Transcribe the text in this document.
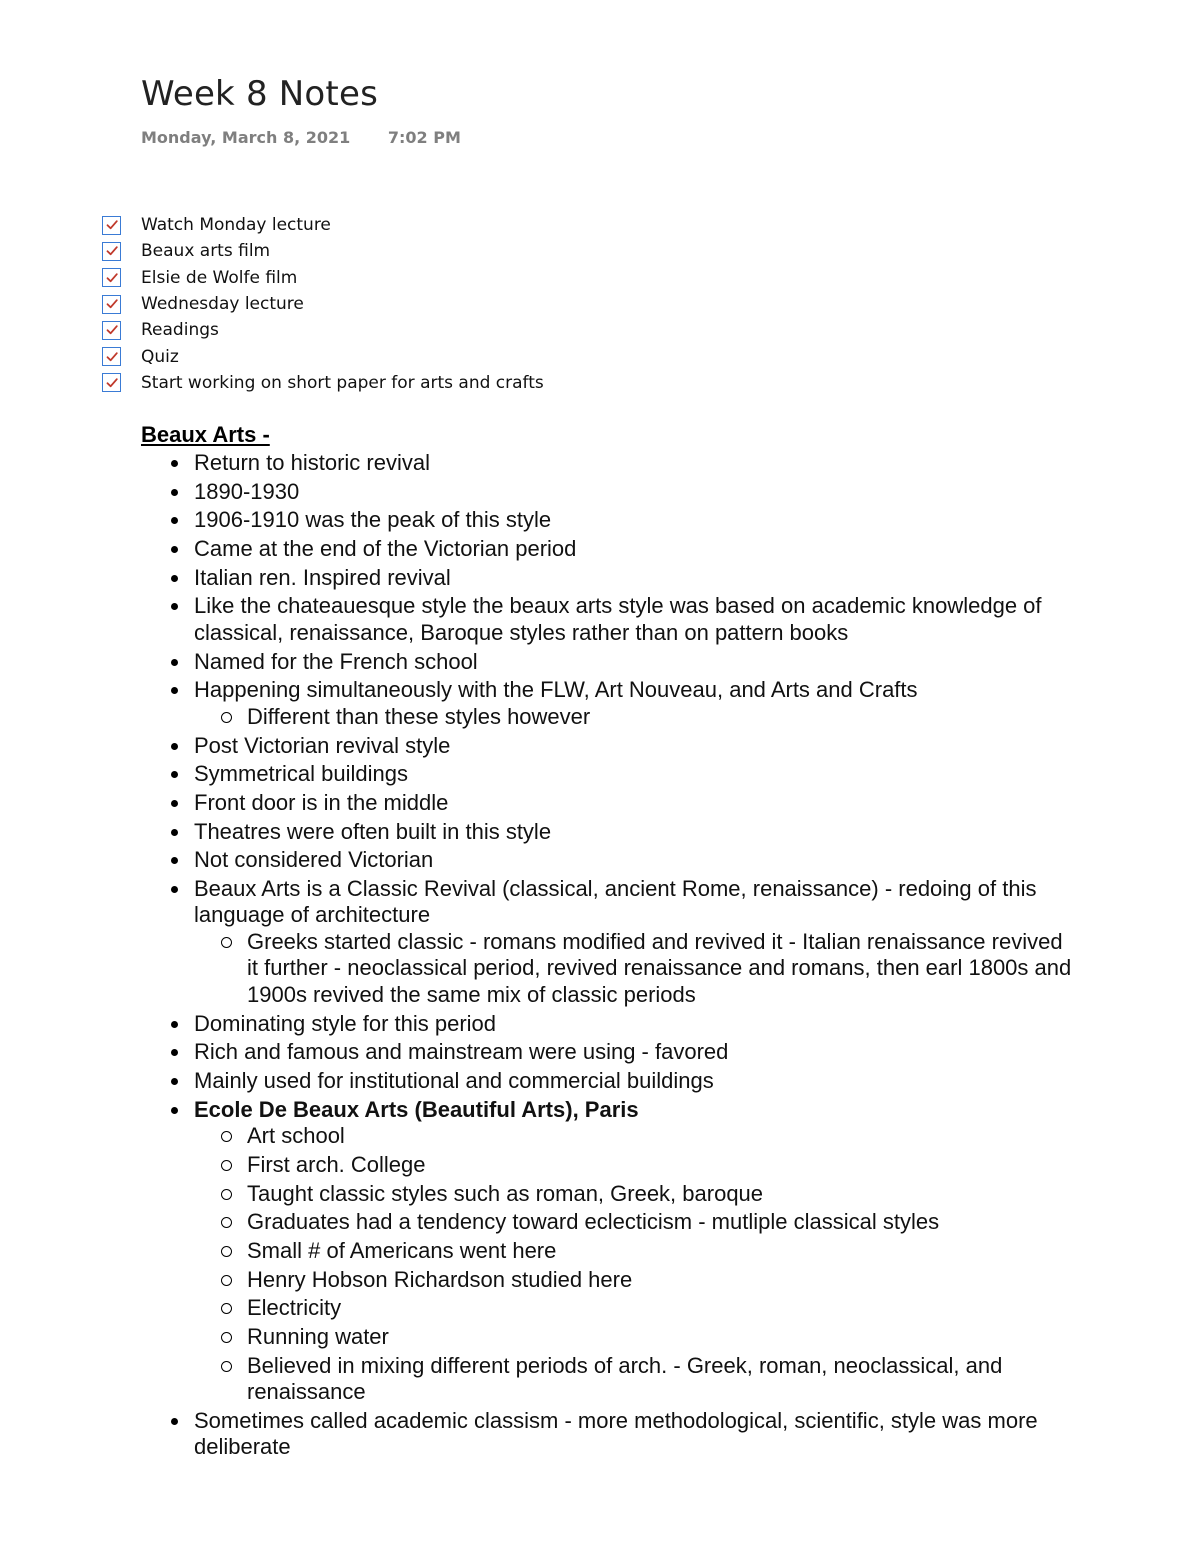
Week 8 Notes
Monday, March 8, 2021 7:02 PM
Watch Monday lecture
Beaux arts film
Elsie de Wolfe film
Wednesday lecture
Readings
Quiz
Start working on short paper for arts and crafts
Beaux Arts -
Return to historic revival
1890-1930
1906-1910 was the peak of this style
Came at the end of the Victorian period
Italian ren. Inspired revival
Like the chateauesque style the beaux arts style was based on academic knowledge of classical, renaissance, Baroque styles rather than on pattern books
Named for the French school
Happening simultaneously with the FLW, Art Nouveau, and Arts and Crafts
Different than these styles however
Post Victorian revival style
Symmetrical buildings
Front door is in the middle
Theatres were often built in this style
Not considered Victorian
Beaux Arts is a Classic Revival (classical, ancient Rome, renaissance) - redoing of this language of architecture
Greeks started classic - romans modified and revived it - Italian renaissance revived it further - neoclassical period, revived renaissance and romans, then earl 1800s and 1900s revived the same mix of classic periods
Dominating style for this period
Rich and famous and mainstream were using - favored
Mainly used for institutional and commercial buildings
Ecole De Beaux Arts (Beautiful Arts), Paris
Art school
First arch. College
Taught classic styles such as roman, Greek, baroque
Graduates had a tendency toward eclecticism - mutliple classical styles
Small # of Americans went here
Henry Hobson Richardson studied here
Electricity
Running water
Believed in mixing different periods of arch. - Greek, roman, neoclassical, and renaissance
Sometimes called academic classism - more methodological, scientific, style was more deliberate
